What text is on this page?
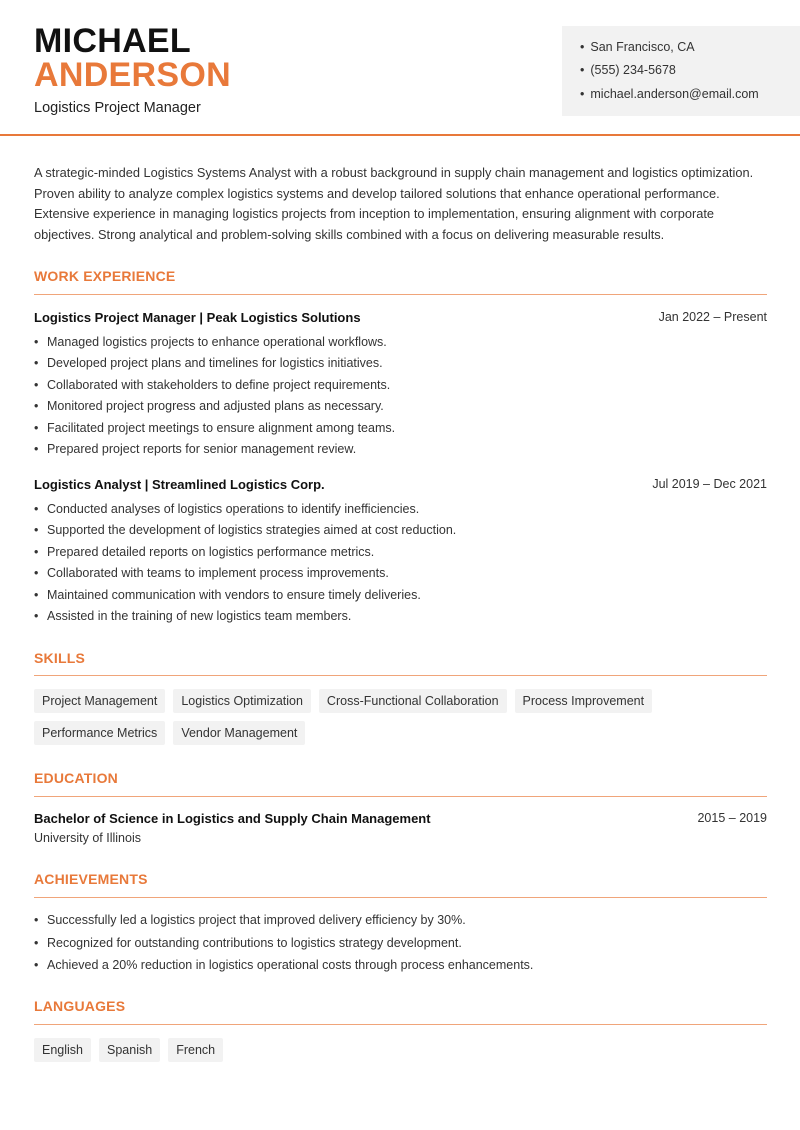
MICHAEL
ANDERSON
Logistics Project Manager
• San Francisco, CA
• (555) 234-5678
• michael.anderson@email.com

A strategic-minded Logistics Systems Analyst with a robust background in supply chain management and logistics optimization. Proven ability to analyze complex logistics systems and develop tailored solutions that enhance operational performance. Extensive experience in managing logistics projects from inception to implementation, ensuring alignment with corporate objectives. Strong analytical and problem-solving skills combined with a focus on delivering measurable results.

WORK EXPERIENCE
Logistics Project Manager | Peak Logistics Solutions	Jan 2022 – Present
• Managed logistics projects to enhance operational workflows.
• Developed project plans and timelines for logistics initiatives.
• Collaborated with stakeholders to define project requirements.
• Monitored project progress and adjusted plans as necessary.
• Facilitated project meetings to ensure alignment among teams.
• Prepared project reports for senior management review.
Logistics Analyst | Streamlined Logistics Corp.	Jul 2019 – Dec 2021
• Conducted analyses of logistics operations to identify inefficiencies.
• Supported the development of logistics strategies aimed at cost reduction.
• Prepared detailed reports on logistics performance metrics.
• Collaborated with teams to implement process improvements.
• Maintained communication with vendors to ensure timely deliveries.
• Assisted in the training of new logistics team members.
SKILLS
Project Management	Logistics Optimization	Cross-Functional Collaboration	Process Improvement
Performance Metrics	Vendor Management
EDUCATION
Bachelor of Science in Logistics and Supply Chain Management	2015 – 2019
University of Illinois
ACHIEVEMENTS
• Successfully led a logistics project that improved delivery efficiency by 30%.
• Recognized for outstanding contributions to logistics strategy development.
• Achieved a 20% reduction in logistics operational costs through process enhancements.
LANGUAGES
English	Spanish	French
